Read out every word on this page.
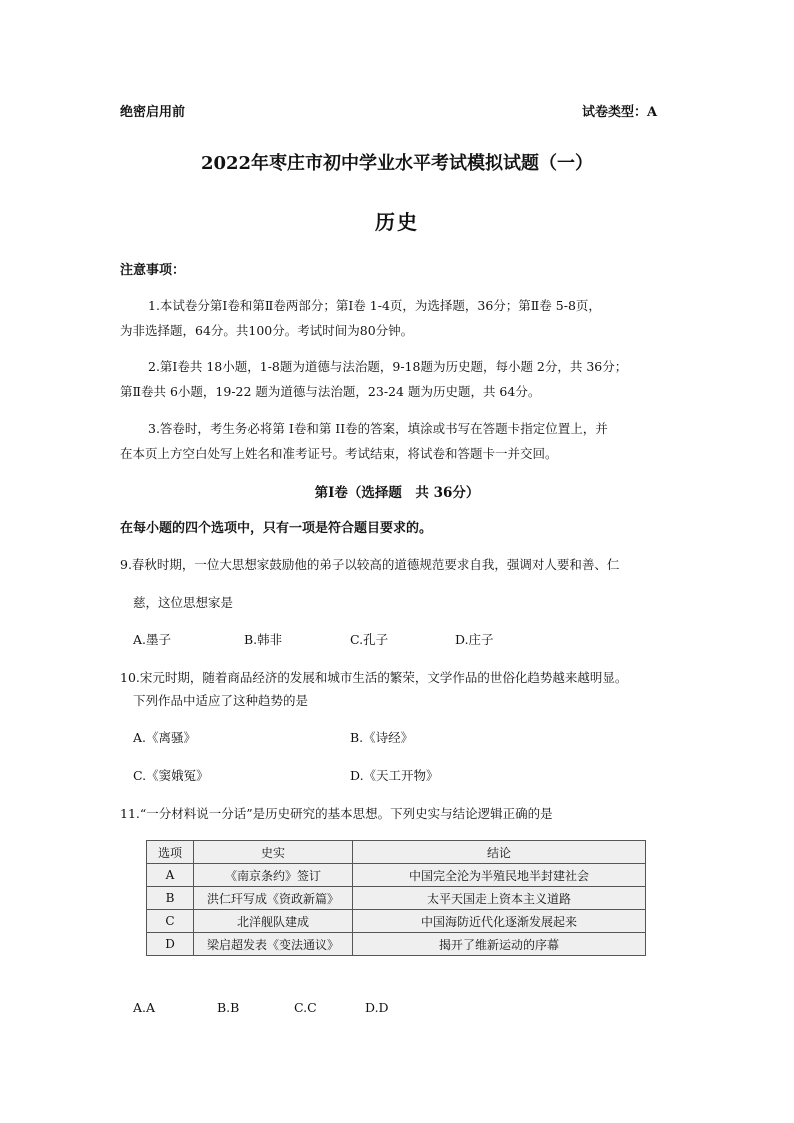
绝密启用前	试卷类型：A
2022年枣庄市初中学业水平考试模拟试题（一）
历史
注意事项：
1.本试卷分第Ⅰ卷和第Ⅱ卷两部分；第Ⅰ卷 1-4页，为选择题，36分；第Ⅱ卷 5-8页，
为非选择题，64分。共100分。考试时间为80分钟。
2.第Ⅰ卷共 18小题，1-8题为道德与法治题，9-18题为历史题，每小题 2分，共 36分；
第Ⅱ卷共 6小题，19-22 题为道德与法治题，23-24 题为历史题，共 64分。
3.答卷时，考生务必将第 I卷和第 II卷的答案，填涂或书写在答题卡指定位置上，并
在本页上方空白处写上姓名和准考证号。考试结束，将试卷和答题卡一并交回。
第Ⅰ卷（选择题　共 36分）
在每小题的四个选项中，只有一项是符合题目要求的。
9.春秋时期，一位大思想家鼓励他的弟子以较高的道德规范要求自我，强调对人要和善、仁
慈，这位思想家是
A.墨子	B.韩非	C.孔子	D.庄子
10.宋元时期，随着商品经济的发展和城市生活的繁荣，文学作品的世俗化趋势越来越明显。
下列作品中适应了这种趋势的是
A.《离骚》	B.《诗经》
C.《窦娥冤》	D.《天工开物》
11.“一分材料说一分话”是历史研究的基本思想。下列史实与结论逻辑正确的是
选项	史实	结论
A	《南京条约》签订	中国完全沦为半殖民地半封建社会
B	洪仁玕写成《资政新篇》	太平天国走上资本主义道路
C	北洋舰队建成	中国海防近代化逐渐发展起来
D	梁启超发表《变法通议》	揭开了维新运动的序幕
A.A	B.B	C.C	D.D
